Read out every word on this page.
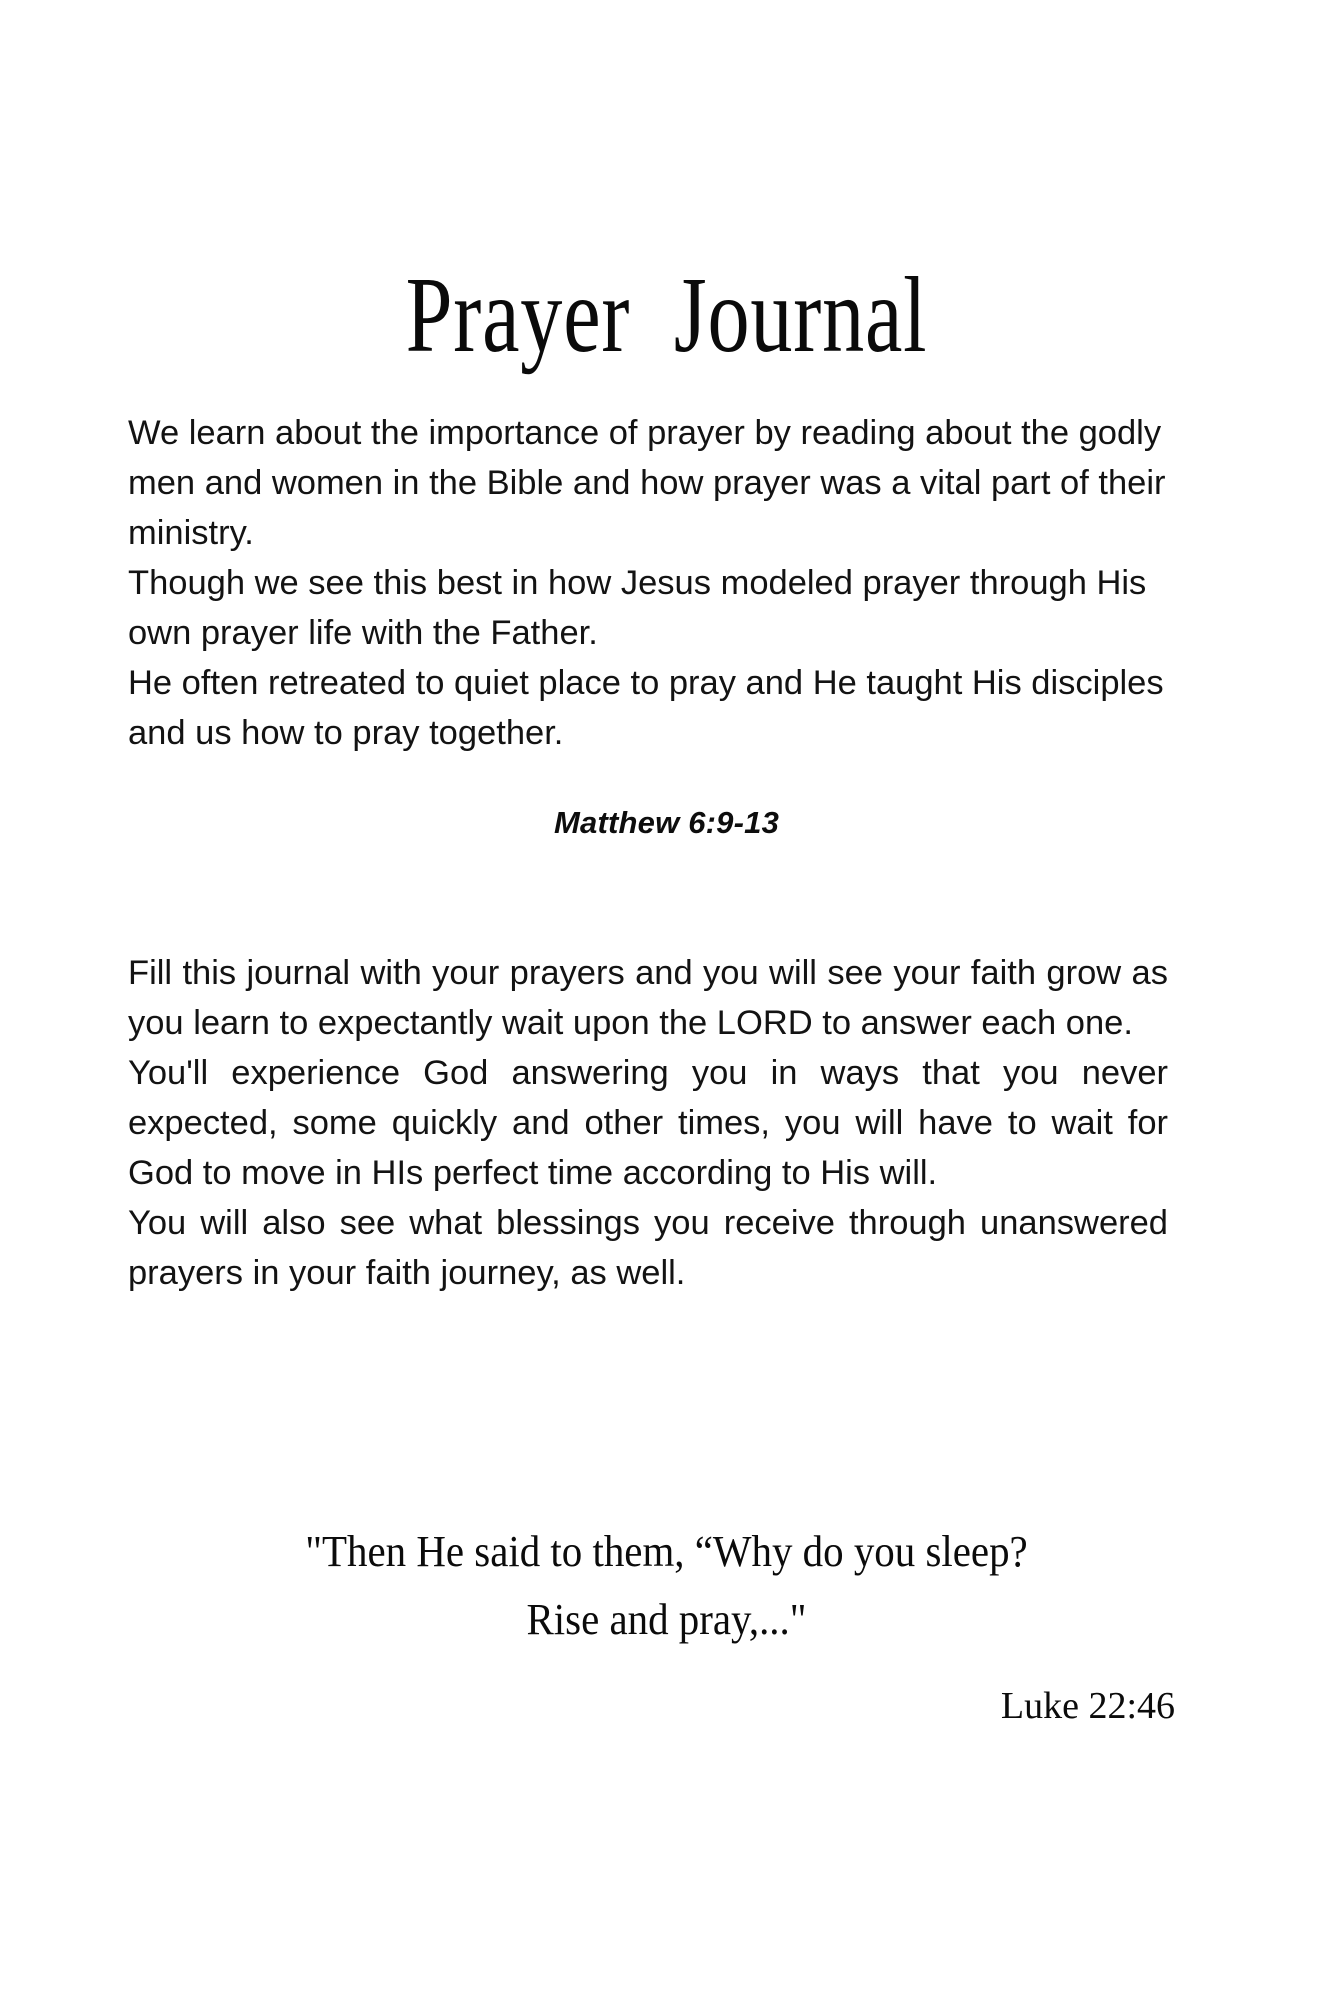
Prayer  Journal

We learn about the importance of prayer by reading about the godly men and women in the Bible and how prayer was a vital part of their ministry.

Though we see this best in how Jesus modeled prayer through His own prayer life with the Father.

He often retreated to quiet place to pray and He taught His disciples and us how to pray together.

Matthew 6:9-13

Fill this journal with your prayers and you will see your faith grow as you learn to expectantly wait upon the LORD to answer each one.

You'll experience God answering you in ways that you never expected, some quickly and other times, you will have to wait for God to move in HIs perfect time according to His will.

You will also see what blessings you receive through unanswered prayers in your faith journey, as well.

"Then He said to them, “Why do you sleep?
Rise and pray,..."
Luke 22:46
